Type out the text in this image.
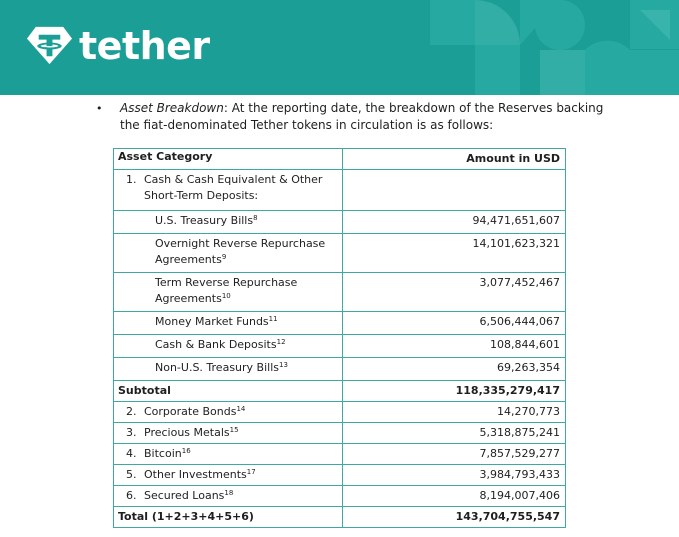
tether
• Asset Breakdown: At the reporting date, the breakdown of the Reserves backing the fiat-denominated Tether tokens in circulation is as follows:
Asset Category	Amount in USD

1. Cash & Cash Equivalent & Other Short-Term Deposits:	

U.S. Treasury Bills$^8$	94,471,651,607

Overnight Reverse Repurchase Agreements$^9$	14,101,623,321

Term Reverse Repurchase Agreements$^{10}$	3,077,452,467

Money Market Funds$^{11}$	6,506,444,067

Cash & Bank Deposits$^{12}$	108,844,601

Non-U.S. Treasury Bills$^{13}$	69,263,354
Subtotal	118,335,279,417

2. Corporate Bonds$^{14}$	14,270,773

3. Precious Metals$^{15}$	5,318,875,241

4. Bitcoin$^{16}$	7,857,529,277

5. Other Investments$^{17}$	3,984,793,433

6. Secured Loans$^{18}$	8,194,007,406
Total (1+2+3+4+5+6)	143,704,755,547
